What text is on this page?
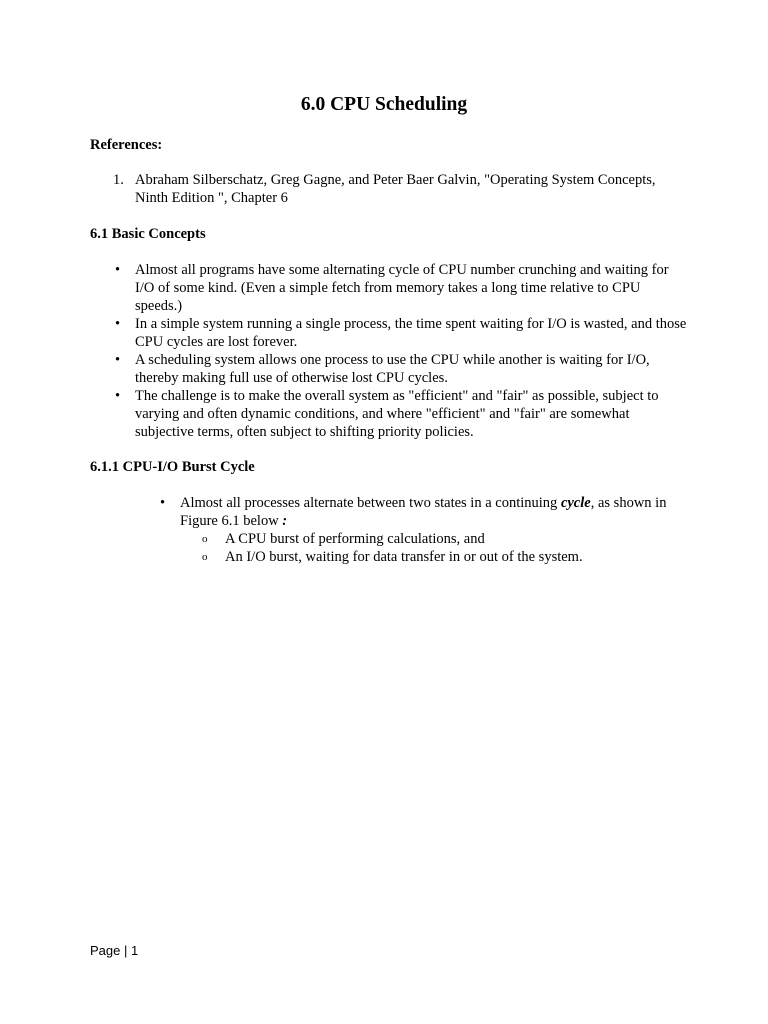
6.0 CPU Scheduling
References:
1. Abraham Silberschatz, Greg Gagne, and Peter Baer Galvin, "Operating System Concepts, Ninth Edition ", Chapter 6
6.1 Basic Concepts
• Almost all programs have some alternating cycle of CPU number crunching and waiting for I/O of some kind. (Even a simple fetch from memory takes a long time relative to CPU speeds.)
• In a simple system running a single process, the time spent waiting for I/O is wasted, and those CPU cycles are lost forever.
• A scheduling system allows one process to use the CPU while another is waiting for I/O, thereby making full use of otherwise lost CPU cycles.
• The challenge is to make the overall system as "efficient" and "fair" as possible, subject to varying and often dynamic conditions, and where "efficient" and "fair" are somewhat subjective terms, often subject to shifting priority policies.
6.1.1 CPU-I/O Burst Cycle
• Almost all processes alternate between two states in a continuing cycle, as shown in Figure 6.1 below :
o A CPU burst of performing calculations, and
o An I/O burst, waiting for data transfer in or out of the system.
Page | 1
